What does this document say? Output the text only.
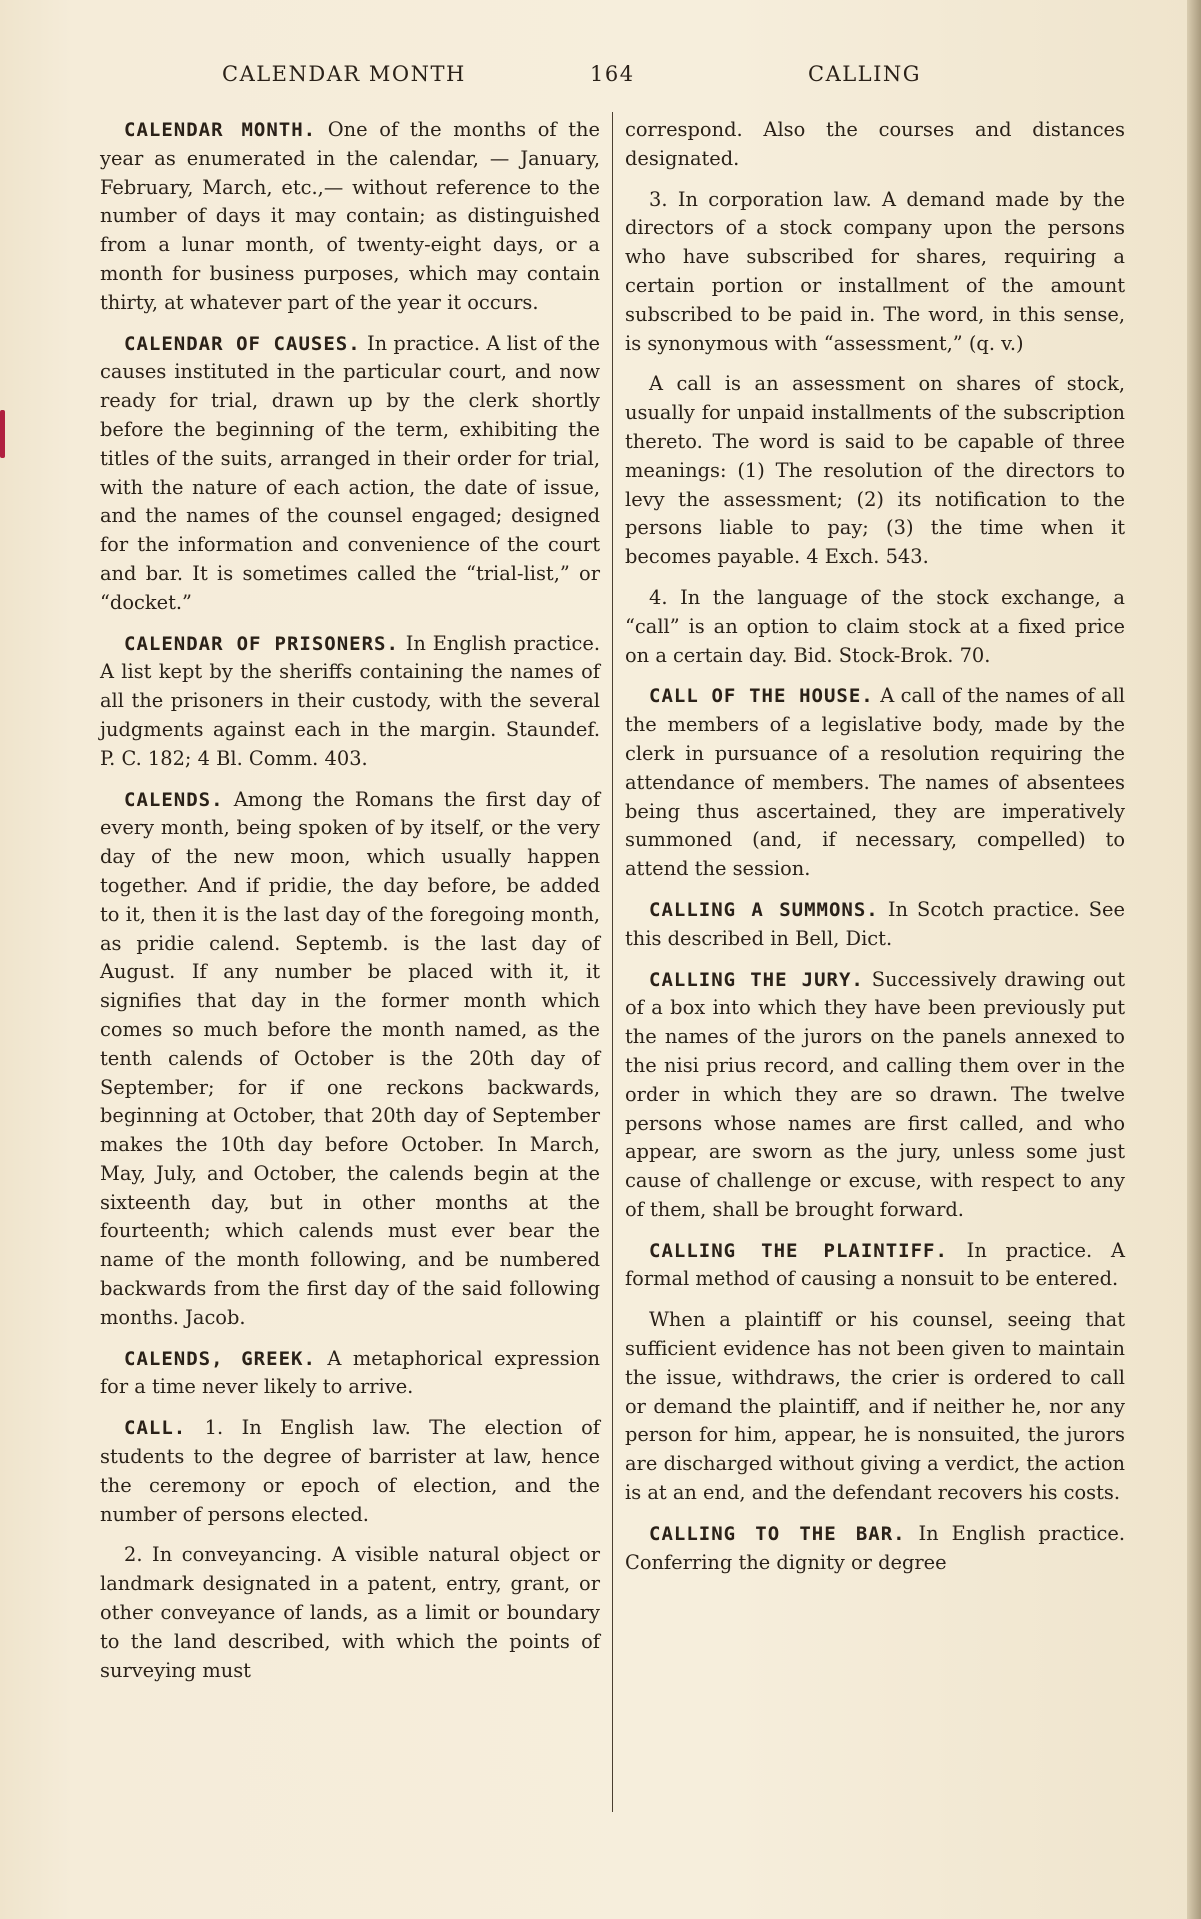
CALENDAR MONTH	164	CALLING

CALENDAR MONTH. One of the months of the year as enumerated in the calendar, — January, February, March, etc.,— without reference to the number of days it may contain; as distinguished from a lunar month, of twenty-eight days, or a month for business purposes, which may contain thirty, at whatever part of the year it occurs.

CALENDAR OF CAUSES. In practice. A list of the causes instituted in the particular court, and now ready for trial, drawn up by the clerk shortly before the beginning of the term, exhibiting the titles of the suits, arranged in their order for trial, with the nature of each action, the date of issue, and the names of the counsel engaged; designed for the information and convenience of the court and bar. It is sometimes called the “trial-list,” or “docket.”

CALENDAR OF PRISONERS. In English practice. A list kept by the sheriffs containing the names of all the prisoners in their custody, with the several judgments against each in the margin. Staundef. P. C. 182; 4 Bl. Comm. 403.

CALENDS. Among the Romans the first day of every month, being spoken of by itself, or the very day of the new moon, which usually happen together. And if pridie, the day before, be added to it, then it is the last day of the foregoing month, as pridie calend. Septemb. is the last day of August. If any number be placed with it, it signifies that day in the former month which comes so much before the month named, as the tenth calends of October is the 20th day of September; for if one reckons backwards, beginning at October, that 20th day of September makes the 10th day before October. In March, May, July, and October, the calends begin at the sixteenth day, but in other months at the fourteenth; which calends must ever bear the name of the month following, and be numbered backwards from the first day of the said following months. Jacob.

CALENDS, GREEK. A metaphorical expression for a time never likely to arrive.

CALL. 1. In English law. The election of students to the degree of barrister at law, hence the ceremony or epoch of election, and the number of persons elected.

2. In conveyancing. A visible natural object or landmark designated in a patent, entry, grant, or other conveyance of lands, as a limit or boundary to the land described, with which the points of surveying must

correspond. Also the courses and distances designated.

3. In corporation law. A demand made by the directors of a stock company upon the persons who have subscribed for shares, requiring a certain portion or installment of the amount subscribed to be paid in. The word, in this sense, is synonymous with “assessment,” (q. v.)

A call is an assessment on shares of stock, usually for unpaid installments of the subscription thereto. The word is said to be capable of three meanings: (1) The resolution of the directors to levy the assessment; (2) its notification to the persons liable to pay; (3) the time when it becomes payable. 4 Exch. 543.

4. In the language of the stock exchange, a “call” is an option to claim stock at a fixed price on a certain day. Bid. Stock-Brok. 70.

CALL OF THE HOUSE. A call of the names of all the members of a legislative body, made by the clerk in pursuance of a resolution requiring the attendance of members. The names of absentees being thus ascertained, they are imperatively summoned (and, if necessary, compelled) to attend the session.

CALLING A SUMMONS. In Scotch practice. See this described in Bell, Dict.

CALLING THE JURY. Successively drawing out of a box into which they have been previously put the names of the jurors on the panels annexed to the nisi prius record, and calling them over in the order in which they are so drawn. The twelve persons whose names are first called, and who appear, are sworn as the jury, unless some just cause of challenge or excuse, with respect to any of them, shall be brought forward.

CALLING THE PLAINTIFF. In practice. A formal method of causing a nonsuit to be entered.

When a plaintiff or his counsel, seeing that sufficient evidence has not been given to maintain the issue, withdraws, the crier is ordered to call or demand the plaintiff, and if neither he, nor any person for him, appear, he is nonsuited, the jurors are discharged without giving a verdict, the action is at an end, and the defendant recovers his costs.

CALLING TO THE BAR. In English practice. Conferring the dignity or degree
